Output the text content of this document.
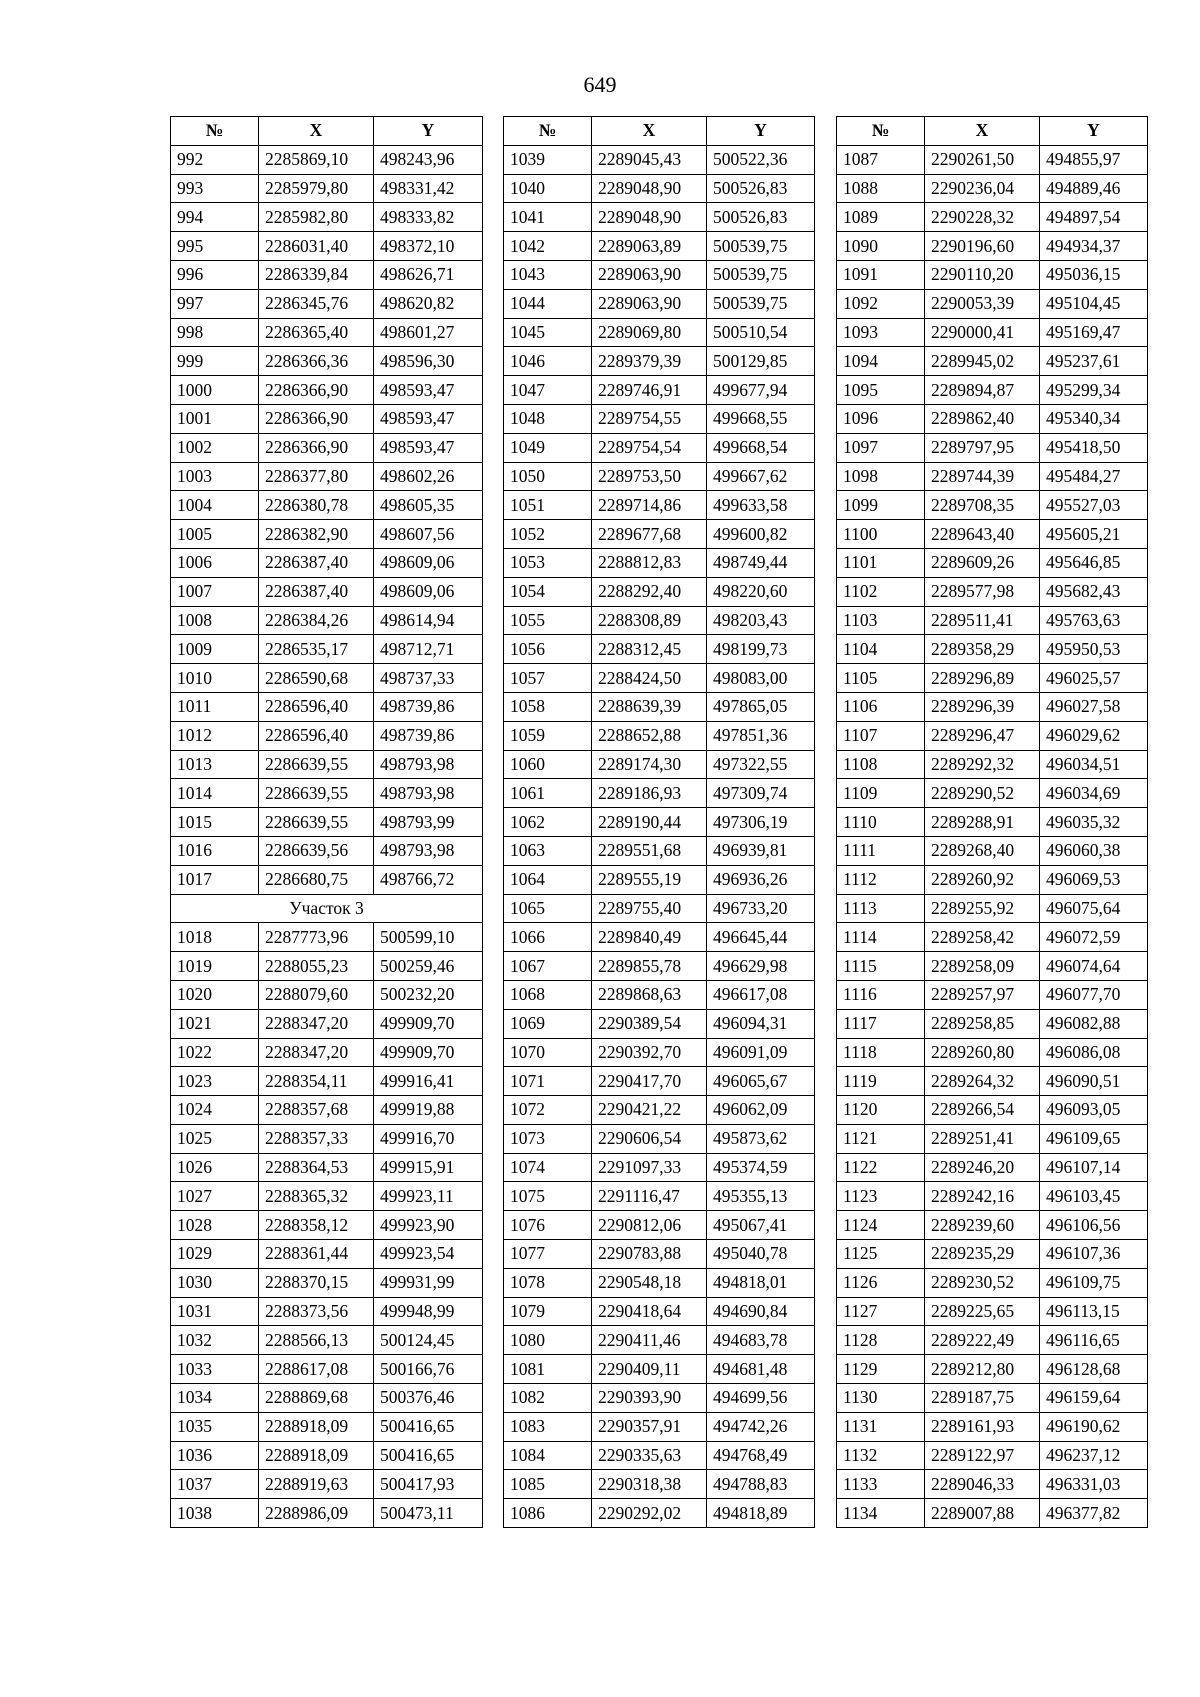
649
№	X	Y
992	2285869,10	498243,96
993	2285979,80	498331,42
994	2285982,80	498333,82
995	2286031,40	498372,10
996	2286339,84	498626,71
997	2286345,76	498620,82
998	2286365,40	498601,27
999	2286366,36	498596,30
1000	2286366,90	498593,47
1001	2286366,90	498593,47
1002	2286366,90	498593,47
1003	2286377,80	498602,26
1004	2286380,78	498605,35
1005	2286382,90	498607,56
1006	2286387,40	498609,06
1007	2286387,40	498609,06
1008	2286384,26	498614,94
1009	2286535,17	498712,71
1010	2286590,68	498737,33
1011	2286596,40	498739,86
1012	2286596,40	498739,86
1013	2286639,55	498793,98
1014	2286639,55	498793,98
1015	2286639,55	498793,99
1016	2286639,56	498793,98
1017	2286680,75	498766,72
Участок 3		
1018	2287773,96	500599,10
1019	2288055,23	500259,46
1020	2288079,60	500232,20
1021	2288347,20	499909,70
1022	2288347,20	499909,70
1023	2288354,11	499916,41
1024	2288357,68	499919,88
1025	2288357,33	499916,70
1026	2288364,53	499915,91
1027	2288365,32	499923,11
1028	2288358,12	499923,90
1029	2288361,44	499923,54
1030	2288370,15	499931,99
1031	2288373,56	499948,99
1032	2288566,13	500124,45
1033	2288617,08	500166,76
1034	2288869,68	500376,46
1035	2288918,09	500416,65
1036	2288918,09	500416,65
1037	2288919,63	500417,93
1038	2288986,09	500473,11
№	X	Y
1039	2289045,43	500522,36
1040	2289048,90	500526,83
1041	2289048,90	500526,83
1042	2289063,89	500539,75
1043	2289063,90	500539,75
1044	2289063,90	500539,75
1045	2289069,80	500510,54
1046	2289379,39	500129,85
1047	2289746,91	499677,94
1048	2289754,55	499668,55
1049	2289754,54	499668,54
1050	2289753,50	499667,62
1051	2289714,86	499633,58
1052	2289677,68	499600,82
1053	2288812,83	498749,44
1054	2288292,40	498220,60
1055	2288308,89	498203,43
1056	2288312,45	498199,73
1057	2288424,50	498083,00
1058	2288639,39	497865,05
1059	2288652,88	497851,36
1060	2289174,30	497322,55
1061	2289186,93	497309,74
1062	2289190,44	497306,19
1063	2289551,68	496939,81
1064	2289555,19	496936,26
1065	2289755,40	496733,20
1066	2289840,49	496645,44
1067	2289855,78	496629,98
1068	2289868,63	496617,08
1069	2290389,54	496094,31
1070	2290392,70	496091,09
1071	2290417,70	496065,67
1072	2290421,22	496062,09
1073	2290606,54	495873,62
1074	2291097,33	495374,59
1075	2291116,47	495355,13
1076	2290812,06	495067,41
1077	2290783,88	495040,78
1078	2290548,18	494818,01
1079	2290418,64	494690,84
1080	2290411,46	494683,78
1081	2290409,11	494681,48
1082	2290393,90	494699,56
1083	2290357,91	494742,26
1084	2290335,63	494768,49
1085	2290318,38	494788,83
1086	2290292,02	494818,89
№	X	Y
1087	2290261,50	494855,97
1088	2290236,04	494889,46
1089	2290228,32	494897,54
1090	2290196,60	494934,37
1091	2290110,20	495036,15
1092	2290053,39	495104,45
1093	2290000,41	495169,47
1094	2289945,02	495237,61
1095	2289894,87	495299,34
1096	2289862,40	495340,34
1097	2289797,95	495418,50
1098	2289744,39	495484,27
1099	2289708,35	495527,03
1100	2289643,40	495605,21
1101	2289609,26	495646,85
1102	2289577,98	495682,43
1103	2289511,41	495763,63
1104	2289358,29	495950,53
1105	2289296,89	496025,57
1106	2289296,39	496027,58
1107	2289296,47	496029,62
1108	2289292,32	496034,51
1109	2289290,52	496034,69
1110	2289288,91	496035,32
1111	2289268,40	496060,38
1112	2289260,92	496069,53
1113	2289255,92	496075,64
1114	2289258,42	496072,59
1115	2289258,09	496074,64
1116	2289257,97	496077,70
1117	2289258,85	496082,88
1118	2289260,80	496086,08
1119	2289264,32	496090,51
1120	2289266,54	496093,05
1121	2289251,41	496109,65
1122	2289246,20	496107,14
1123	2289242,16	496103,45
1124	2289239,60	496106,56
1125	2289235,29	496107,36
1126	2289230,52	496109,75
1127	2289225,65	496113,15
1128	2289222,49	496116,65
1129	2289212,80	496128,68
1130	2289187,75	496159,64
1131	2289161,93	496190,62
1132	2289122,97	496237,12
1133	2289046,33	496331,03
1134	2289007,88	496377,82
